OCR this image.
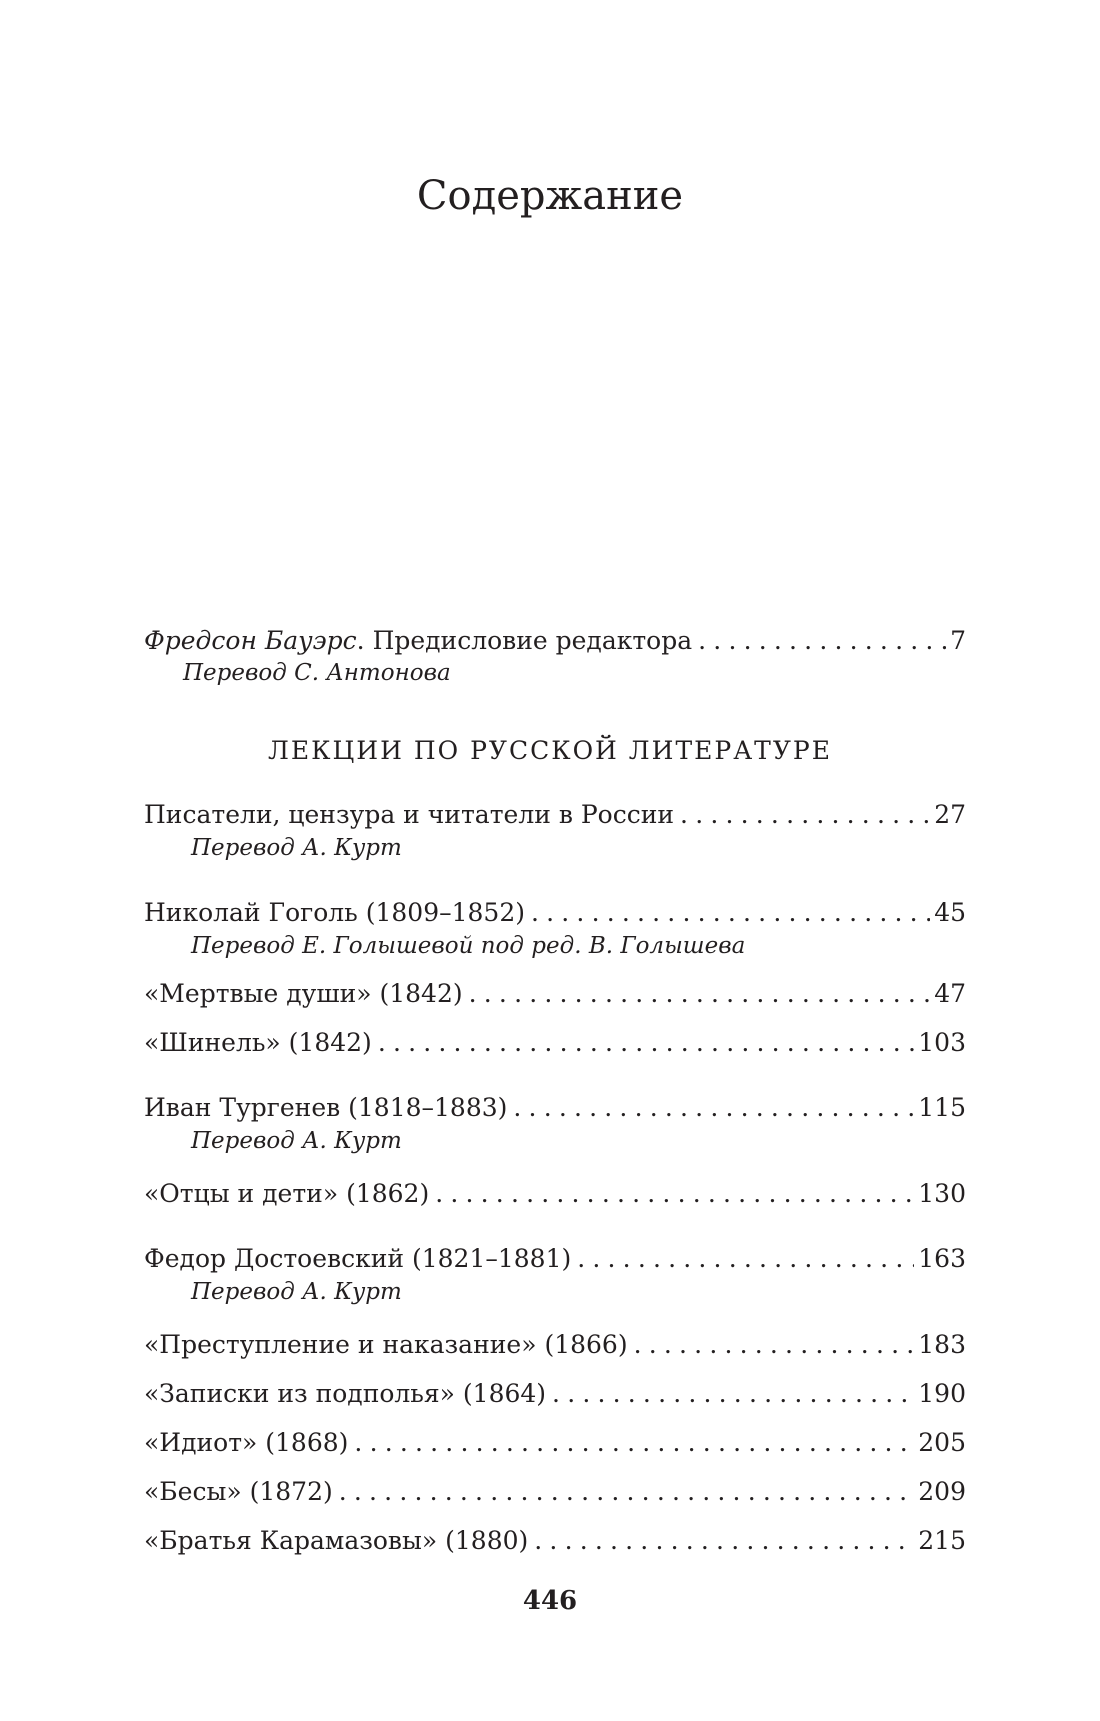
Содержание
Фредсон Бауэрс. Предисловие редактора .....	7
Перевод С. Антонова
ЛЕКЦИИ ПО РУССКОЙ ЛИТЕРАТУРЕ
Писатели, цензура и читатели в России .....	27
Перевод А. Курт
Николай Гоголь (1809–1852) .....	45
Перевод Е. Голышевой под ред. В. Голышева
«Мертвые души» (1842) .....	47
«Шинель» (1842) .....	103
Иван Тургенев (1818–1883) .....	115
Перевод А. Курт
«Отцы и дети» (1862) .....	130
Федор Достоевский (1821–1881) .....	163
Перевод А. Курт
«Преступление и наказание» (1866) .....	183
«Записки из подполья» (1864) .....	190
«Идиот» (1868) .....	205
«Бесы» (1872) .....	209
«Братья Карамазовы» (1880) .....	215
446
